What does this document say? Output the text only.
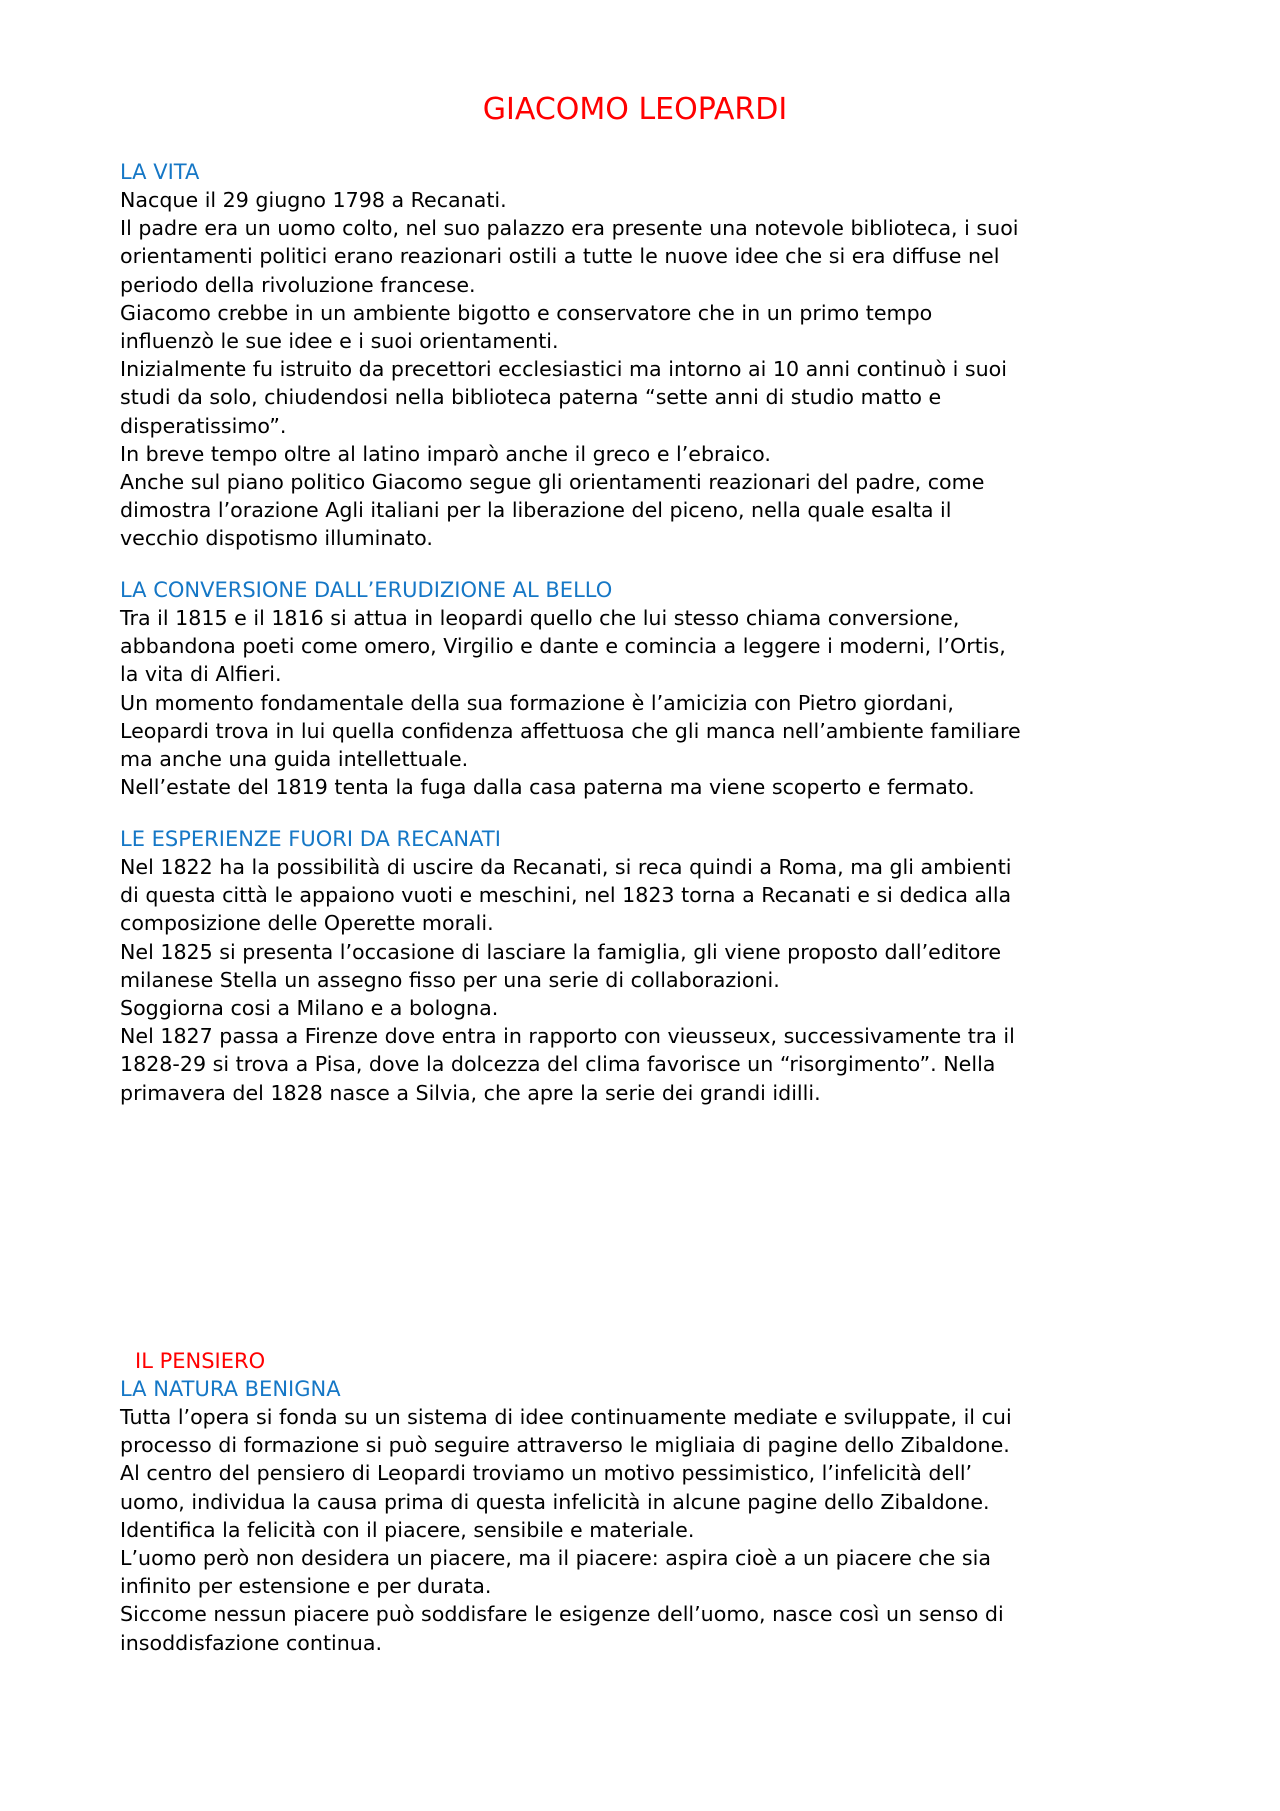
GIACOMO LEOPARDI
LA VITA

Nacque il 29 giugno 1798 a Recanati.

Il padre era un uomo colto, nel suo palazzo era presente una notevole biblioteca, i suoi
orientamenti politici erano reazionari ostili a tutte le nuove idee che si era diffuse nel
periodo della rivoluzione francese.

Giacomo crebbe in un ambiente bigotto e conservatore che in un primo tempo
influenzò le sue idee e i suoi orientamenti.

Inizialmente fu istruito da precettori ecclesiastici ma intorno ai 10 anni continuò i suoi
studi da solo, chiudendosi nella biblioteca paterna “sette anni di studio matto e
disperatissimo”.

In breve tempo oltre al latino imparò anche il greco e l’ebraico.

Anche sul piano politico Giacomo segue gli orientamenti reazionari del padre, come
dimostra l’orazione Agli italiani per la liberazione del piceno, nella quale esalta il
vecchio dispotismo illuminato.

LA CONVERSIONE DALL’ERUDIZIONE AL BELLO

Tra il 1815 e il 1816 si attua in leopardi quello che lui stesso chiama conversione,
abbandona poeti come omero, Virgilio e dante e comincia a leggere i moderni, l’Ortis,
la vita di Alfieri.

Un momento fondamentale della sua formazione è l’amicizia con Pietro giordani,
Leopardi trova in lui quella confidenza affettuosa che gli manca nell’ambiente familiare
ma anche una guida intellettuale.

Nell’estate del 1819 tenta la fuga dalla casa paterna ma viene scoperto e fermato.

LE ESPERIENZE FUORI DA RECANATI

Nel 1822 ha la possibilità di uscire da Recanati, si reca quindi a Roma, ma gli ambienti
di questa città le appaiono vuoti e meschini, nel 1823 torna a Recanati e si dedica alla
composizione delle Operette morali.

Nel 1825 si presenta l’occasione di lasciare la famiglia, gli viene proposto dall’editore
milanese Stella un assegno fisso per una serie di collaborazioni.

Soggiorna cosi a Milano e a bologna.

Nel 1827 passa a Firenze dove entra in rapporto con vieusseux, successivamente tra il
1828-29 si trova a Pisa, dove la dolcezza del clima favorisce un “risorgimento”. Nella
primavera del 1828 nasce a Silvia, che apre la serie dei grandi idilli.

IL PENSIERO
LA NATURA BENIGNA

Tutta l’opera si fonda su un sistema di idee continuamente mediate e sviluppate, il cui
processo di formazione si può seguire attraverso le migliaia di pagine dello Zibaldone.

Al centro del pensiero di Leopardi troviamo un motivo pessimistico, l’infelicità dell’
uomo, individua la causa prima di questa infelicità in alcune pagine dello Zibaldone.

Identifica la felicità con il piacere, sensibile e materiale.

L’uomo però non desidera un piacere, ma il piacere: aspira cioè a un piacere che sia
infinito per estensione e per durata.

Siccome nessun piacere può soddisfare le esigenze dell’uomo, nasce così un senso di
insoddisfazione continua.
